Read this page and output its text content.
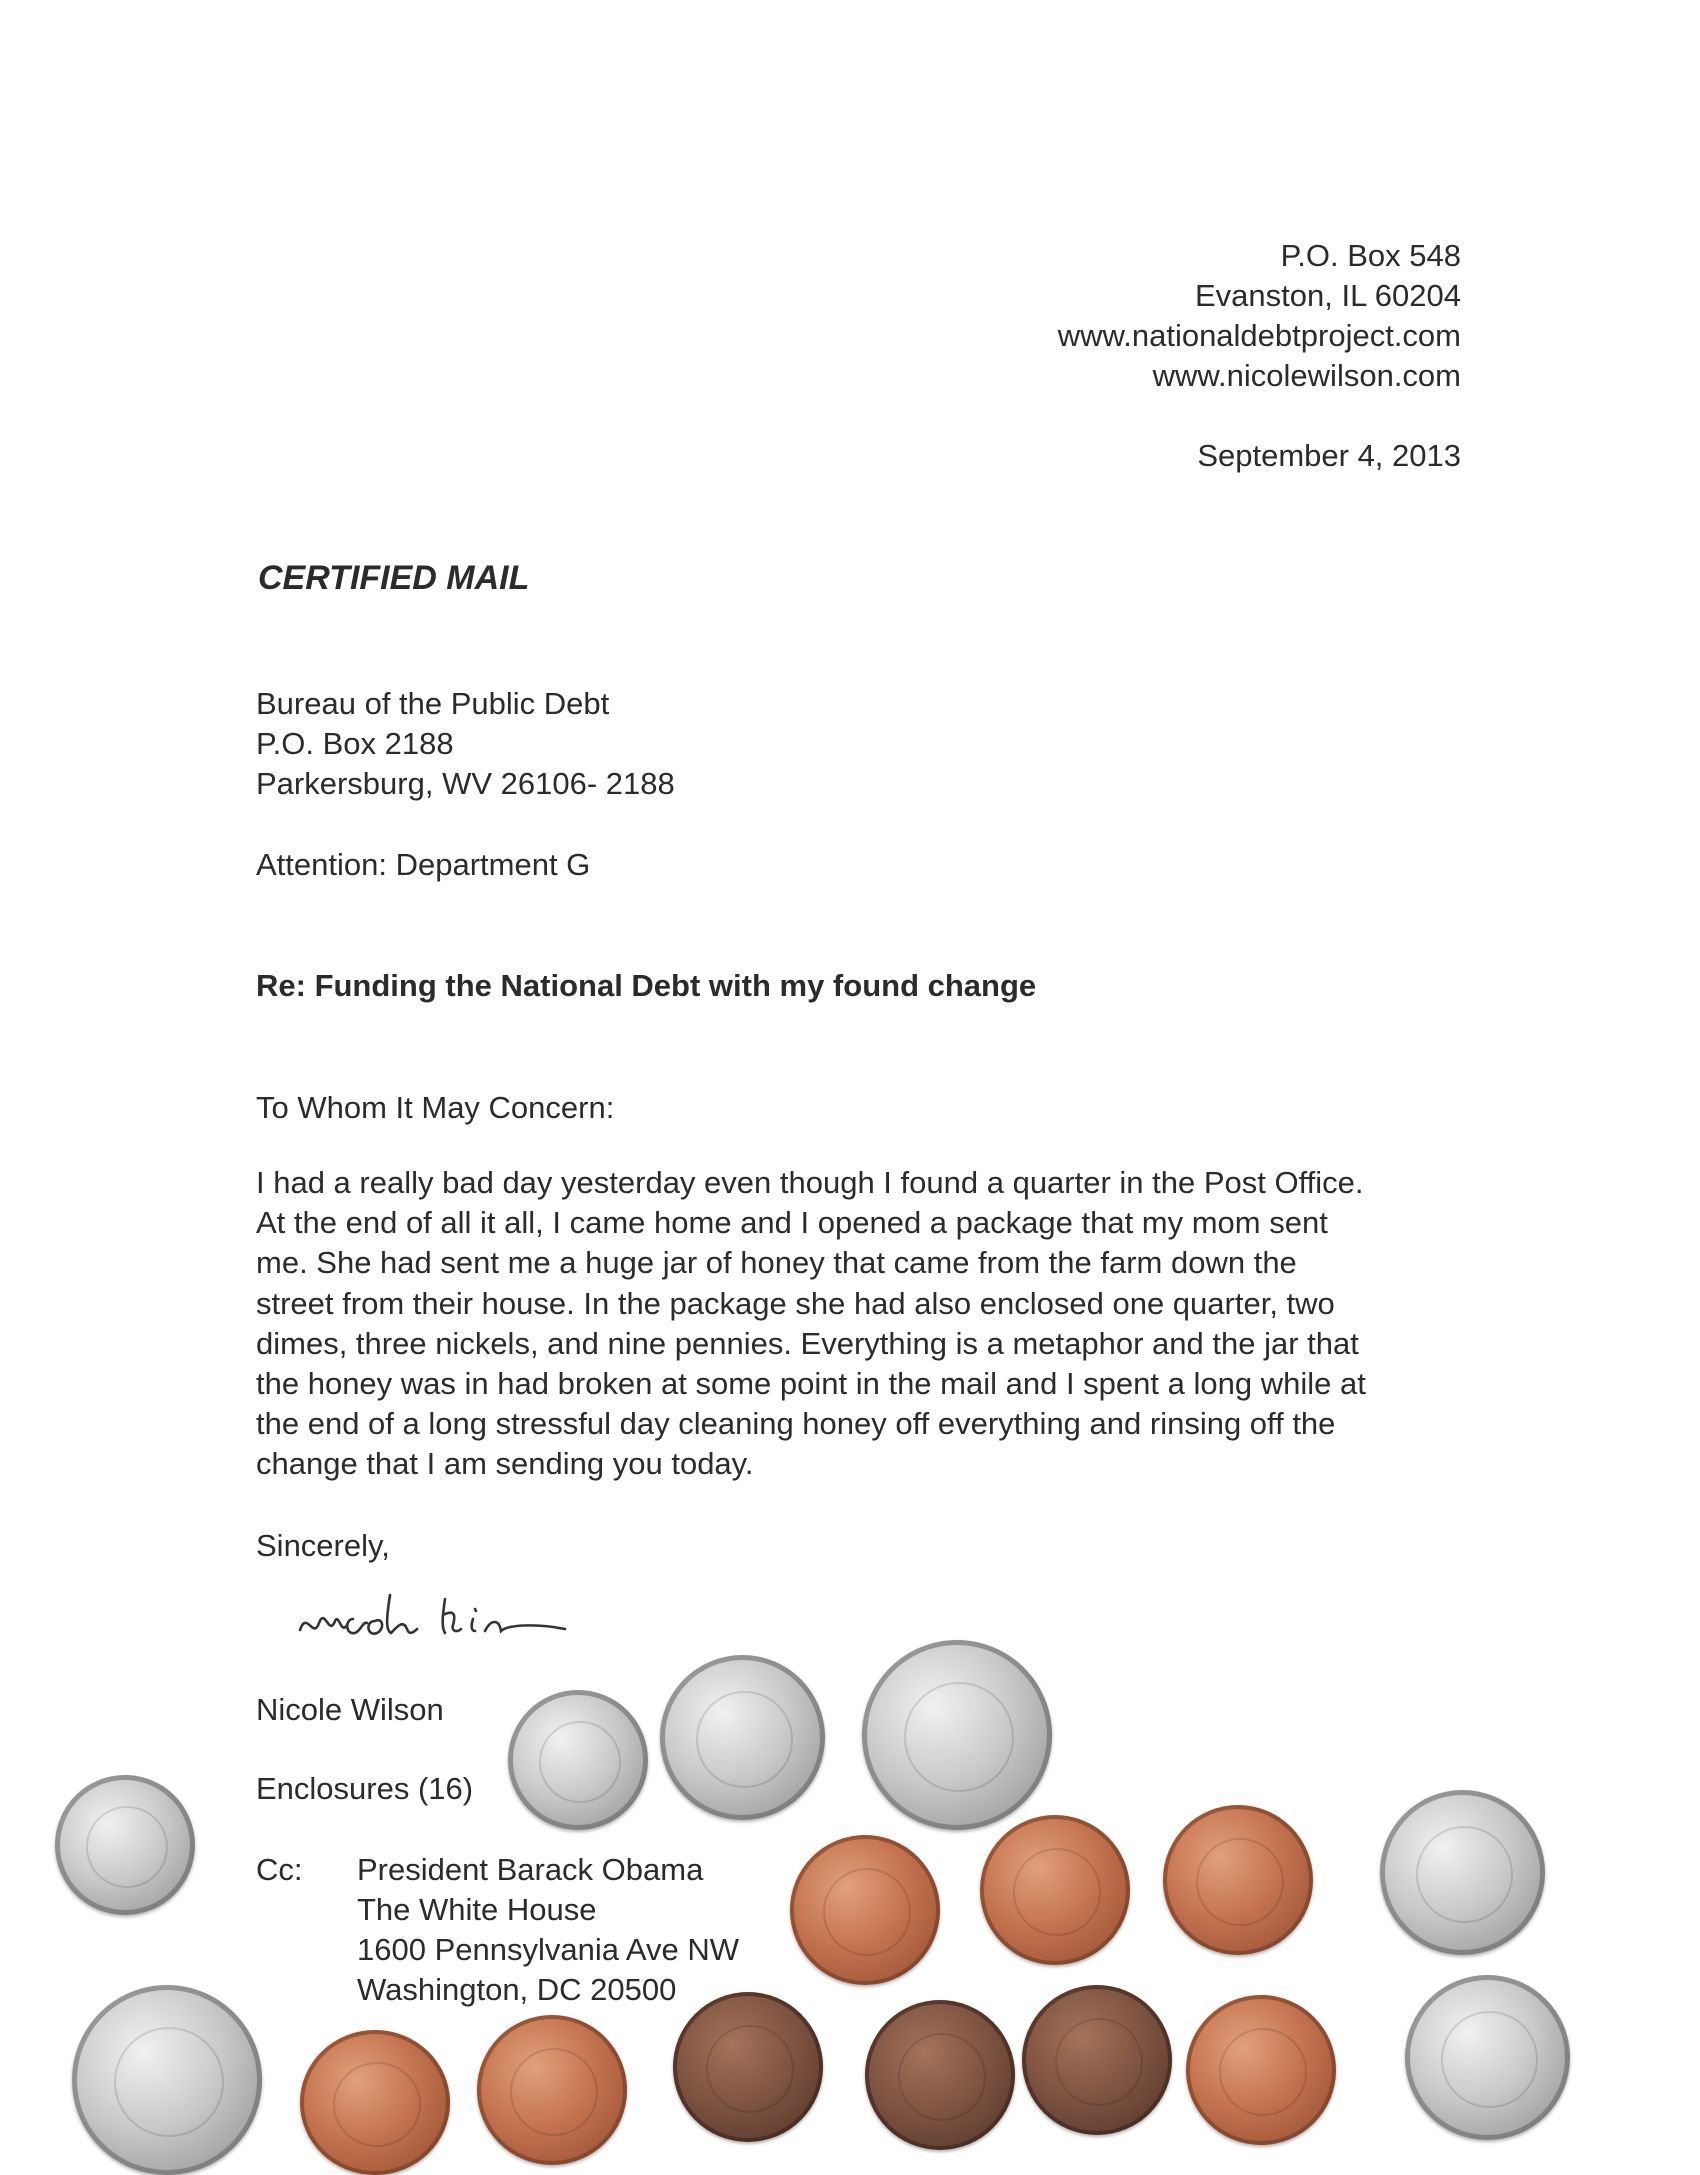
P.O. Box 548
Evanston, IL 60204
www.nationaldebtproject.com
www.nicolewilson.com
September 4, 2013
CERTIFIED MAIL
Bureau of the Public Debt
P.O. Box 2188
Parkersburg, WV 26106- 2188
Attention: Department G
Re: Funding the National Debt with my found change
To Whom It May Concern:
I had a really bad day yesterday even though I found a quarter in the Post Office.
At the end of all it all, I came home and I opened a package that my mom sent
me. She had sent me a huge jar of honey that came from the farm down the
street from their house. In the package she had also enclosed one quarter, two
dimes, three nickels, and nine pennies. Everything is a metaphor and the jar that
the honey was in had broken at some point in the mail and I spent a long while at
the end of a long stressful day cleaning honey off everything and rinsing off the
change that I am sending you today.
Sincerely,
Nicole Wilson
Enclosures (16)
Cc: President Barack Obama
The White House
1600 Pennsylvania Ave NW
Washington, DC 20500
